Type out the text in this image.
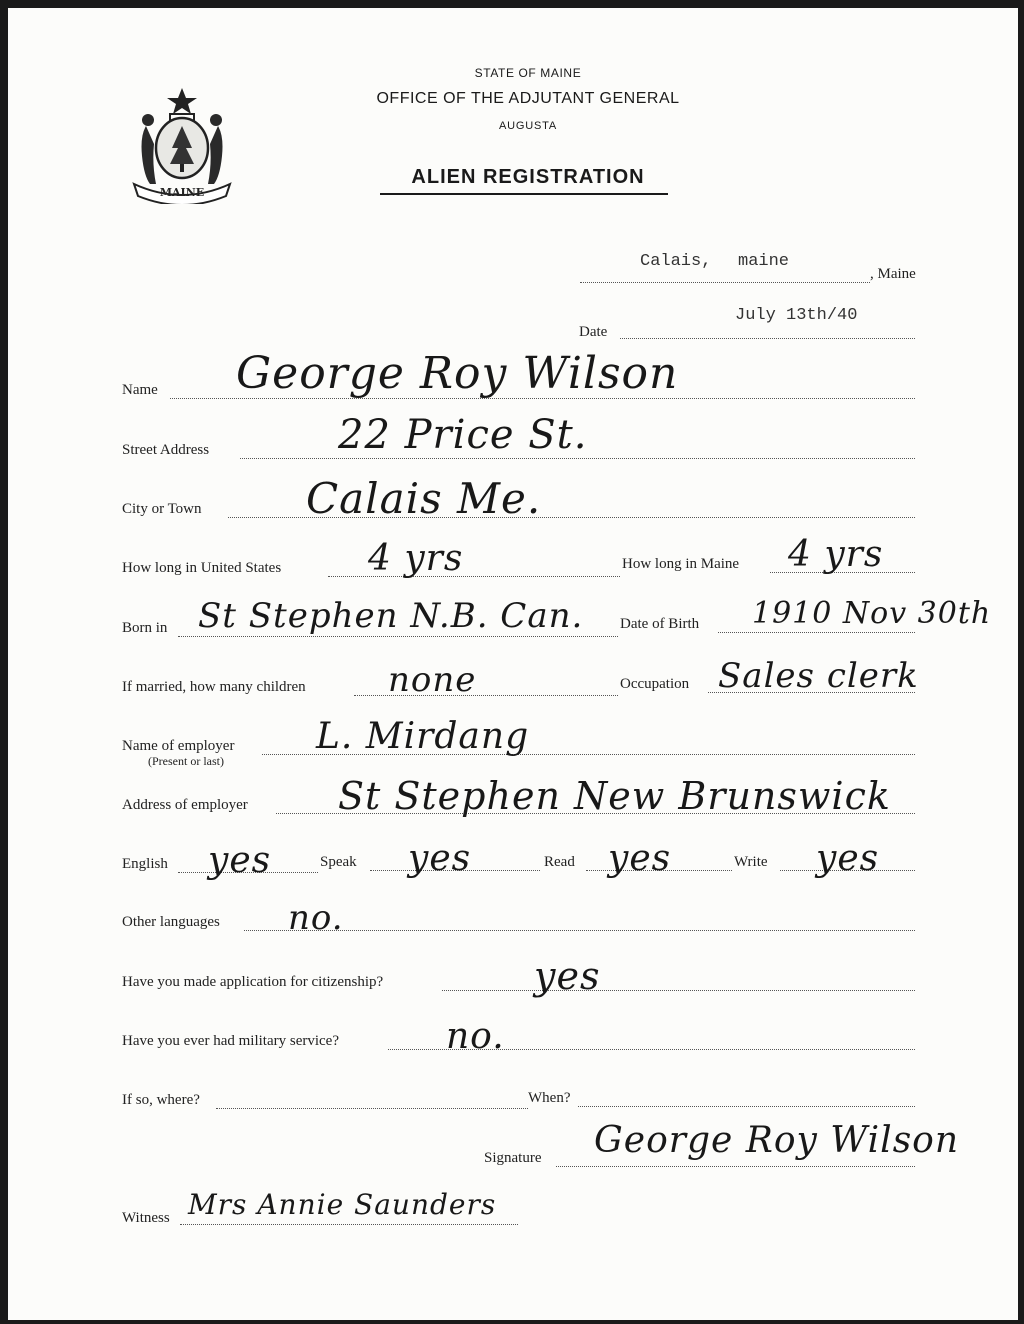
MAINE
STATE OF MAINE
OFFICE OF THE ADJUTANT GENERAL
AUGUSTA
ALIEN REGISTRATION
Calais, maine
, Maine
Date
July 13th/40
Name George Roy Wilson
Street Address	22 Price St.
City or Town Calais Me.
How long in United States 4 yrs	How long in Maine 4 yrs
Born in St Stephen N.B. Can. Date of Birth 1910 Nov 30th
If married, how many children none	Occupation Sales clerk
Name of employer
(Present or last)
L. Mirdang
Address of employer St Stephen New Brunswick
English yes	Speak yes	Read yes	Write yes
Other languages no.
Have you made application for citizenship?	yes
Have you ever had military service?	no.
If so, where?	When?
Signature George Roy Wilson
Witness Mrs Annie Saunders
